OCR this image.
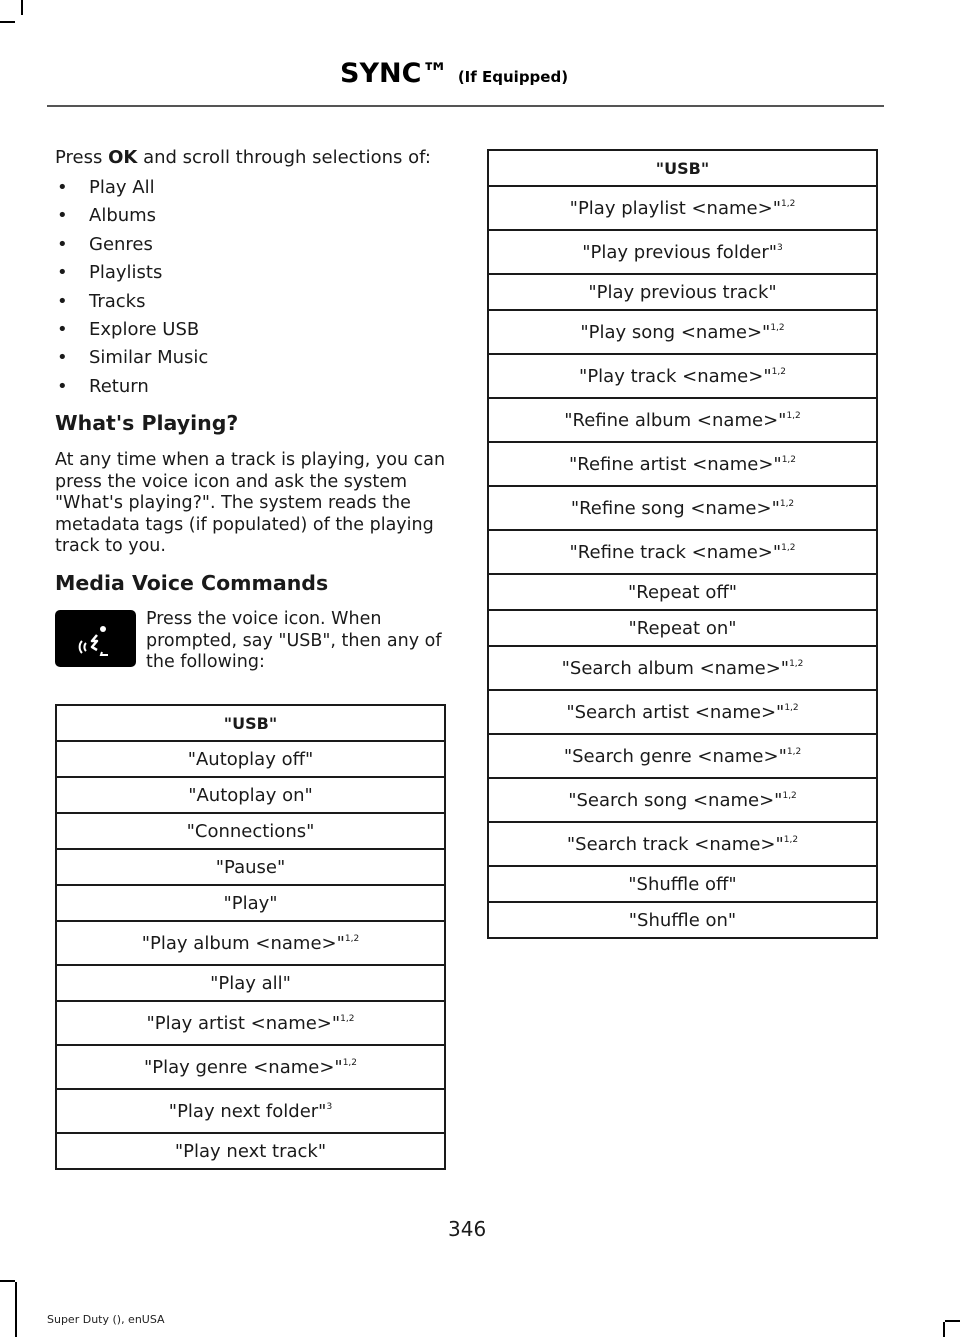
SYNC™ (If Equipped)

Press OK and scroll through selections of:

• Play All
• Albums
• Genres
• Playlists
• Tracks
• Explore USB
• Similar Music
• Return
What's Playing?

At any time when a track is playing, you can press the voice icon and ask the system "What's playing?". The system reads the metadata tags (if populated) of the playing track to you.

Media Voice Commands

Press the voice icon. When prompted, say "USB", then any of the following:

"USB"
"Autoplay off"
"Autoplay on"
"Connections"
"Pause"
"Play"
"Play album <name>"$^{1,2}$
"Play all"
"Play artist <name>"$^{1,2}$
"Play genre <name>"$^{1,2}$
"Play next folder"$^3$
"Play next track"
"USB"
"Play playlist <name>"$^{1,2}$
"Play previous folder"$^3$
"Play previous track"
"Play song <name>"$^{1,2}$
"Play track <name>"$^{1,2}$
"Refine album <name>"$^{1,2}$
"Refine artist <name>"$^{1,2}$
"Refine song <name>"$^{1,2}$
"Refine track <name>"$^{1,2}$
"Repeat off"
"Repeat on"
"Search album <name>"$^{1,2}$
"Search artist <name>"$^{1,2}$
"Search genre <name>"$^{1,2}$
"Search song <name>"$^{1,2}$
"Search track <name>"$^{1,2}$
"Shuffle off"
"Shuffle on"
346
Super Duty (), enUSA
